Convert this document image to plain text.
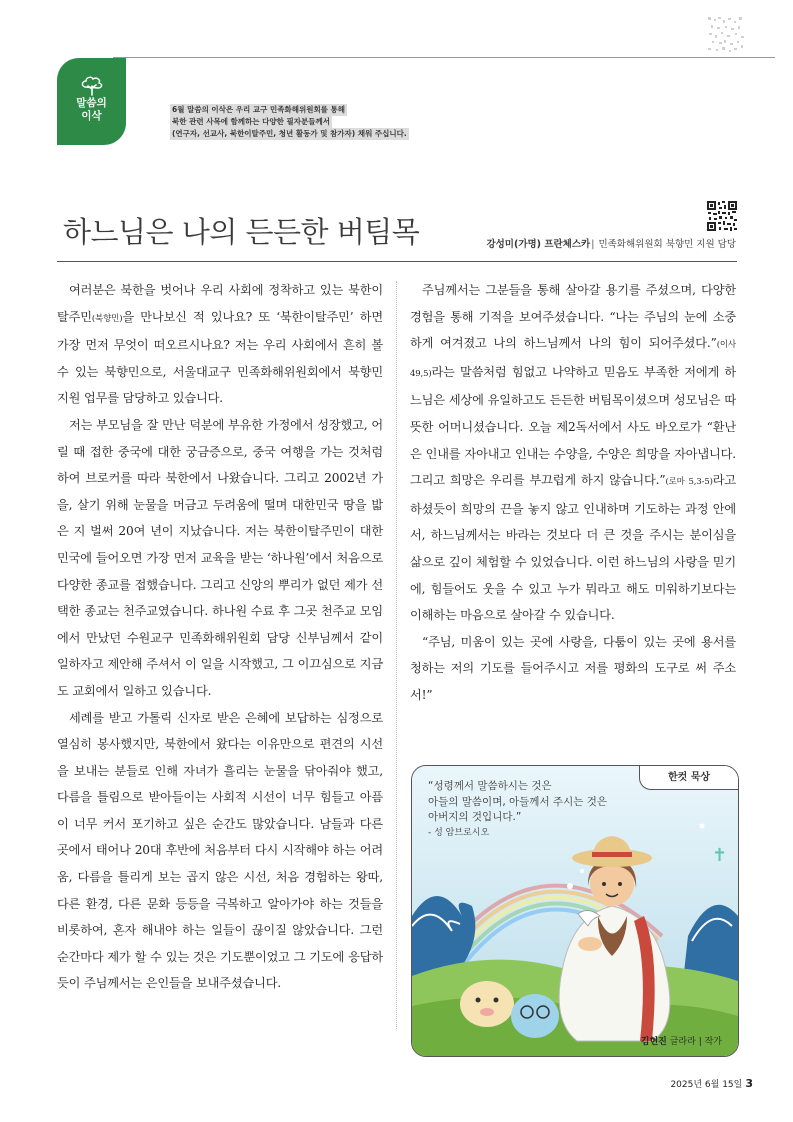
말씀의 이삭
6월 말씀의 이삭은 우리 교구 민족화해위원회를 통해
북한 관련 사목에 함께하는 다양한 필자분들께서
(연구자, 선교사, 북한이탈주민, 청년 활동가 및 참가자) 채워 주십니다.
하느님은 나의 든든한 버팀목	강성미(가명) 프란체스카| 민족화해위원회 북향민 지원 담당

여러분은 북한을 벗어나 우리 사회에 정착하고 있는 북한이탈주민(북향민)을 만나보신 적 있나요? 또 ‘북한이탈주민’ 하면 가장 먼저 무엇이 떠오르시나요? 저는 우리 사회에서 흔히 볼 수 있는 북향민으로, 서울대교구 민족화해위원회에서 북향민 지원 업무를 담당하고 있습니다.

저는 부모님을 잘 만난 덕분에 부유한 가정에서 성장했고, 어릴 때 접한 중국에 대한 궁금증으로, 중국 여행을 가는 것처럼 하여 브로커를 따라 북한에서 나왔습니다. 그리고 2002년 가을, 살기 위해 눈물을 머금고 두려움에 떨며 대한민국 땅을 밟은 지 벌써 20여 년이 지났습니다. 저는 북한이탈주민이 대한민국에 들어오면 가장 먼저 교육을 받는 ‘하나원’에서 처음으로 다양한 종교를 접했습니다. 그리고 신앙의 뿌리가 없던 제가 선택한 종교는 천주교였습니다. 하나원 수료 후 그곳 천주교 모임에서 만났던 수원교구 민족화해위원회 담당 신부님께서 같이 일하자고 제안해 주셔서 이 일을 시작했고, 그 이끄심으로 지금도 교회에서 일하고 있습니다.

세례를 받고 가톨릭 신자로 받은 은혜에 보답하는 심정으로 열심히 봉사했지만, 북한에서 왔다는 이유만으로 편견의 시선을 보내는 분들로 인해 자녀가 흘리는 눈물을 닦아줘야 했고, 다름을 틀림으로 받아들이는 사회적 시선이 너무 힘들고 아픔이 너무 커서 포기하고 싶은 순간도 많았습니다. 남들과 다른 곳에서 태어나 20대 후반에 처음부터 다시 시작해야 하는 어려움, 다름을 틀리게 보는 곱지 않은 시선, 처음 경험하는 왕따, 다른 환경, 다른 문화 등등을 극복하고 알아가야 하는 것들을 비롯하여, 혼자 해내야 하는 일들이 끊이질 않았습니다. 그런 순간마다 제가 할 수 있는 것은 기도뿐이었고 그 기도에 응답하듯이 주님께서는 은인들을 보내주셨습니다.

주님께서는 그분들을 통해 살아갈 용기를 주셨으며, 다양한 경험을 통해 기적을 보여주셨습니다. “나는 주님의 눈에 소중하게 여겨졌고 나의 하느님께서 나의 힘이 되어주셨다.”(이사 49,5)라는 말씀처럼 힘없고 나약하고 믿음도 부족한 저에게 하느님은 세상에 유일하고도 든든한 버팀목이셨으며 성모님은 따뜻한 어머니셨습니다. 오늘 제2독서에서 사도 바오로가 “환난은 인내를 자아내고 인내는 수양을, 수양은 희망을 자아냅니다. 그리고 희망은 우리를 부끄럽게 하지 않습니다.”(로마 5,3-5)라고 하셨듯이 희망의 끈을 놓지 않고 인내하며 기도하는 과정 안에서, 하느님께서는 바라는 것보다 더 큰 것을 주시는 분이심을 삶으로 깊이 체험할 수 있었습니다. 이런 하느님의 사랑을 믿기에, 힘들어도 웃을 수 있고 누가 뭐라고 해도 미워하기보다는 이해하는 마음으로 살아갈 수 있습니다.

“주님, 미움이 있는 곳에 사랑을, 다툼이 있는 곳에 용서를 청하는 저의 기도를 들어주시고 저를 평화의 도구로 써 주소서!”

✝
한컷 묵상
“성령께서 말씀하시는 것은
아들의 말씀이며, 아들께서 주시는 것은
아버지의 것입니다.”
- 성 암브로시오
김현진 글라라 | 작가
2025년 6월 15일 3
